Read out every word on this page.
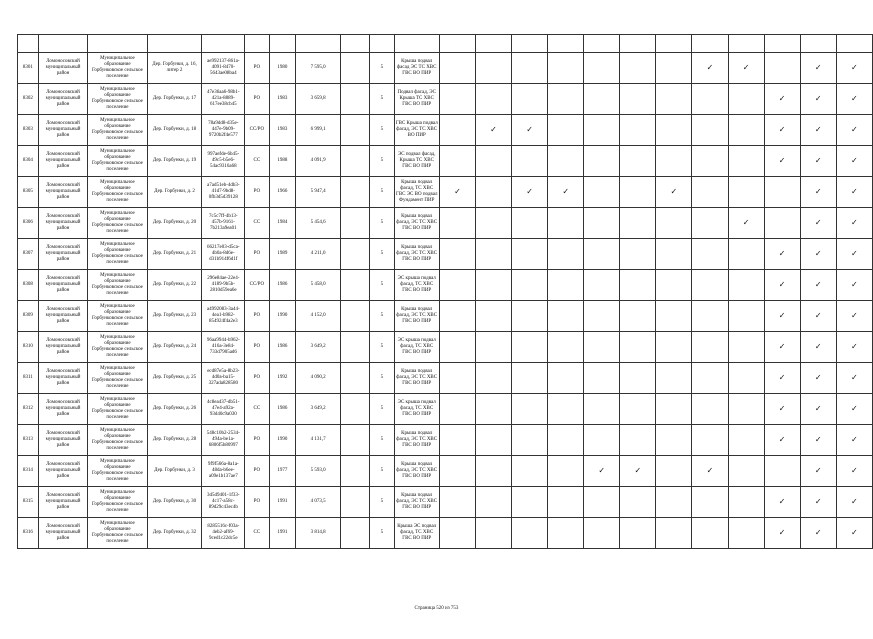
8301	Ломоносовский муниципальный район	Муниципальное образование Горбунковское сельское поселение	Дер. Горбунки, д. 16, литер 2	ae992137-861a-4091-8470-5643ae08ba4	РО	1980	7 595,0		5	Крыша подвал фасад ЭС ТС ХВС ГВС ВО ПИР								✓	✓		✓	✓
8302	Ломоносовский муниципальный район	Муниципальное образование Горбунковское сельское поселение	Дер. Горбунки, д. 17	47e36aa6-98b1-421a-8889-617ee38cb45	РО	1983	3 659,8		5	Подвал фасад, ЭС Крыша ТС ХВС ГВС ВО ПИР										✓	✓	✓
8303	Ломоносовский муниципальный район	Муниципальное образование Горбунковское сельское поселение	Дер. Горбунки, д. 18	78a9dd8-d35e-447e-9b09-9720b2f4e577	СС/РО	1983	6 999,1		5	ГВС Крыша подвал фасад, ЭС ТС ХВС ВО ПИР		✓	✓							✓	✓	✓
8304	Ломоносовский муниципальный район	Муниципальное образование Горбунковское сельское поселение	Дер. Горбунки, д. 19	997aefde-6b45-49c5-b5e6-54ac9316a68	СС	1988	4 091,9		5	ЭС подвал фасад, Крыша ТС ХВС ГВС ВО ПИР										✓	✓	✓
8305	Ломоносовский муниципальный район	Муниципальное образование Горбунковское сельское поселение	Дер. Горбунки, д. 2	a7ad51eb-4db3-41d7-9bd8-0fb3d5d39128	РО	1966	5 947,4		5	Крыша подвал фасад, ТС ХВС ГВС ЭС ВО подвал Фундамент ПИР	✓		✓	✓			✓				✓	✓
8306	Ломоносовский муниципальный район	Муниципальное образование Горбунковское сельское поселение	Дер. Горбунки, д. 20	7c5c7ff-4b13-457b-9161-7b213a9ea01	СС	1984	5 454,6		5	Крыша подвал фасад, ЭС ТС ХВС ГВС ВО ПИР									✓		✓	✓
8307	Ломоносовский муниципальный район	Муниципальное образование Горбунковское сельское поселение	Дер. Горбунки, д. 21	66217e03-d5ca-4b0a-8d6e-d31b914f6d1f	РО	1989	4 211,0		5	Крыша подвал фасад, ЭС ТС ХВС ГВС ВО ПИР										✓	✓	✓
8308	Ломоносовский муниципальный район	Муниципальное образование Горбунковское сельское поселение	Дер. Горбунки, д. 22	296e84ae-22e4-4189-9b5b-2810d59ea6e	СС/РО	1986	5 458,0		5	ЭС крыша подвал фасад, ТС ХВС ГВС ВО ПИР										✓	✓	✓
8309	Ломоносовский муниципальный район	Муниципальное образование Горбунковское сельское поселение	Дер. Горбунки, д. 23	a4992083-3a44-4ea1-b982-854924f4a2e3	РО	1990	4 152,0		5	Крыша подвал фасад, ЭС ТС ХВС ГВС ВО ПИР										✓	✓	✓
8310	Ломоносовский муниципальный район	Муниципальное образование Горбунковское сельское поселение	Дер. Горбунки, д. 24	96aa9944-b962-416a-3e84-733d7905ad6	РО	1986	3 649,2		5	ЭС крыша подвал фасад, ТС ХВС ГВС ВО ПИР										✓	✓	✓
8311	Ломоносовский муниципальный район	Муниципальное образование Горбунковское сельское поселение	Дер. Горбунки, д. 25	ecd87e5a-8b23-4d0a-ba15-327ada828580	РО	1992	4 090,2		5	Крыша подвал фасад, ЭС ТС ХВС ГВС ВО ПИР										✓	✓	✓
8312	Ломоносовский муниципальный район	Муниципальное образование Горбунковское сельское поселение	Дер. Горбунки, д. 26	4c8ea437-db51-47e4-a92a-93d40c9a030	СС	1986	3 649,2		5	ЭС крыша подвал фасад, ТС ХВС ГВС ВО ПИР										✓	✓	✓
8313	Ломоносовский муниципальный район	Муниципальное образование Горбунковское сельское поселение	Дер. Горбунки, д. 28	548c10b2-2534-494a-be1a-6806f5b80997	РО	1990	4 131,7		5	Крыша подвал фасад, ЭС ТС ХВС ГВС ВО ПИР										✓	✓	✓
8314	Ломоносовский муниципальный район	Муниципальное образование Горбунковское сельское поселение	Дер. Горбунки, д. 3	9f9f566a-8a1a-48da-b6ee-a09e1b137ae7	РО	1977	5 593,0		5	Крыша подвал фасад, ЭС ТС ХВС ГВС ВО ПИР					✓	✓		✓			✓	✓
8315	Ломоносовский муниципальный район	Муниципальное образование Горбунковское сельское поселение	Дер. Горбунки, д. 30	3d5d9401-1f33-4c17-a58c-89d29c43ec4b	РО	1991	4 073,5		5	Крыша подвал фасад, ЭС ТС ХВС ГВС ВО ПИР										✓	✓	✓
8316	Ломоносовский муниципальный район	Муниципальное образование Горбунковское сельское поселение	Дер. Горбунки, д. 32	8285516c-f03a-4eb2-af69-9ced1c22dc5e	СС	1991	3 814,8		5	Крыша ЭС подвал фасад, ТС ХВС ГВС ВО ПИР										✓	✓	✓
Страница 520 из 753
